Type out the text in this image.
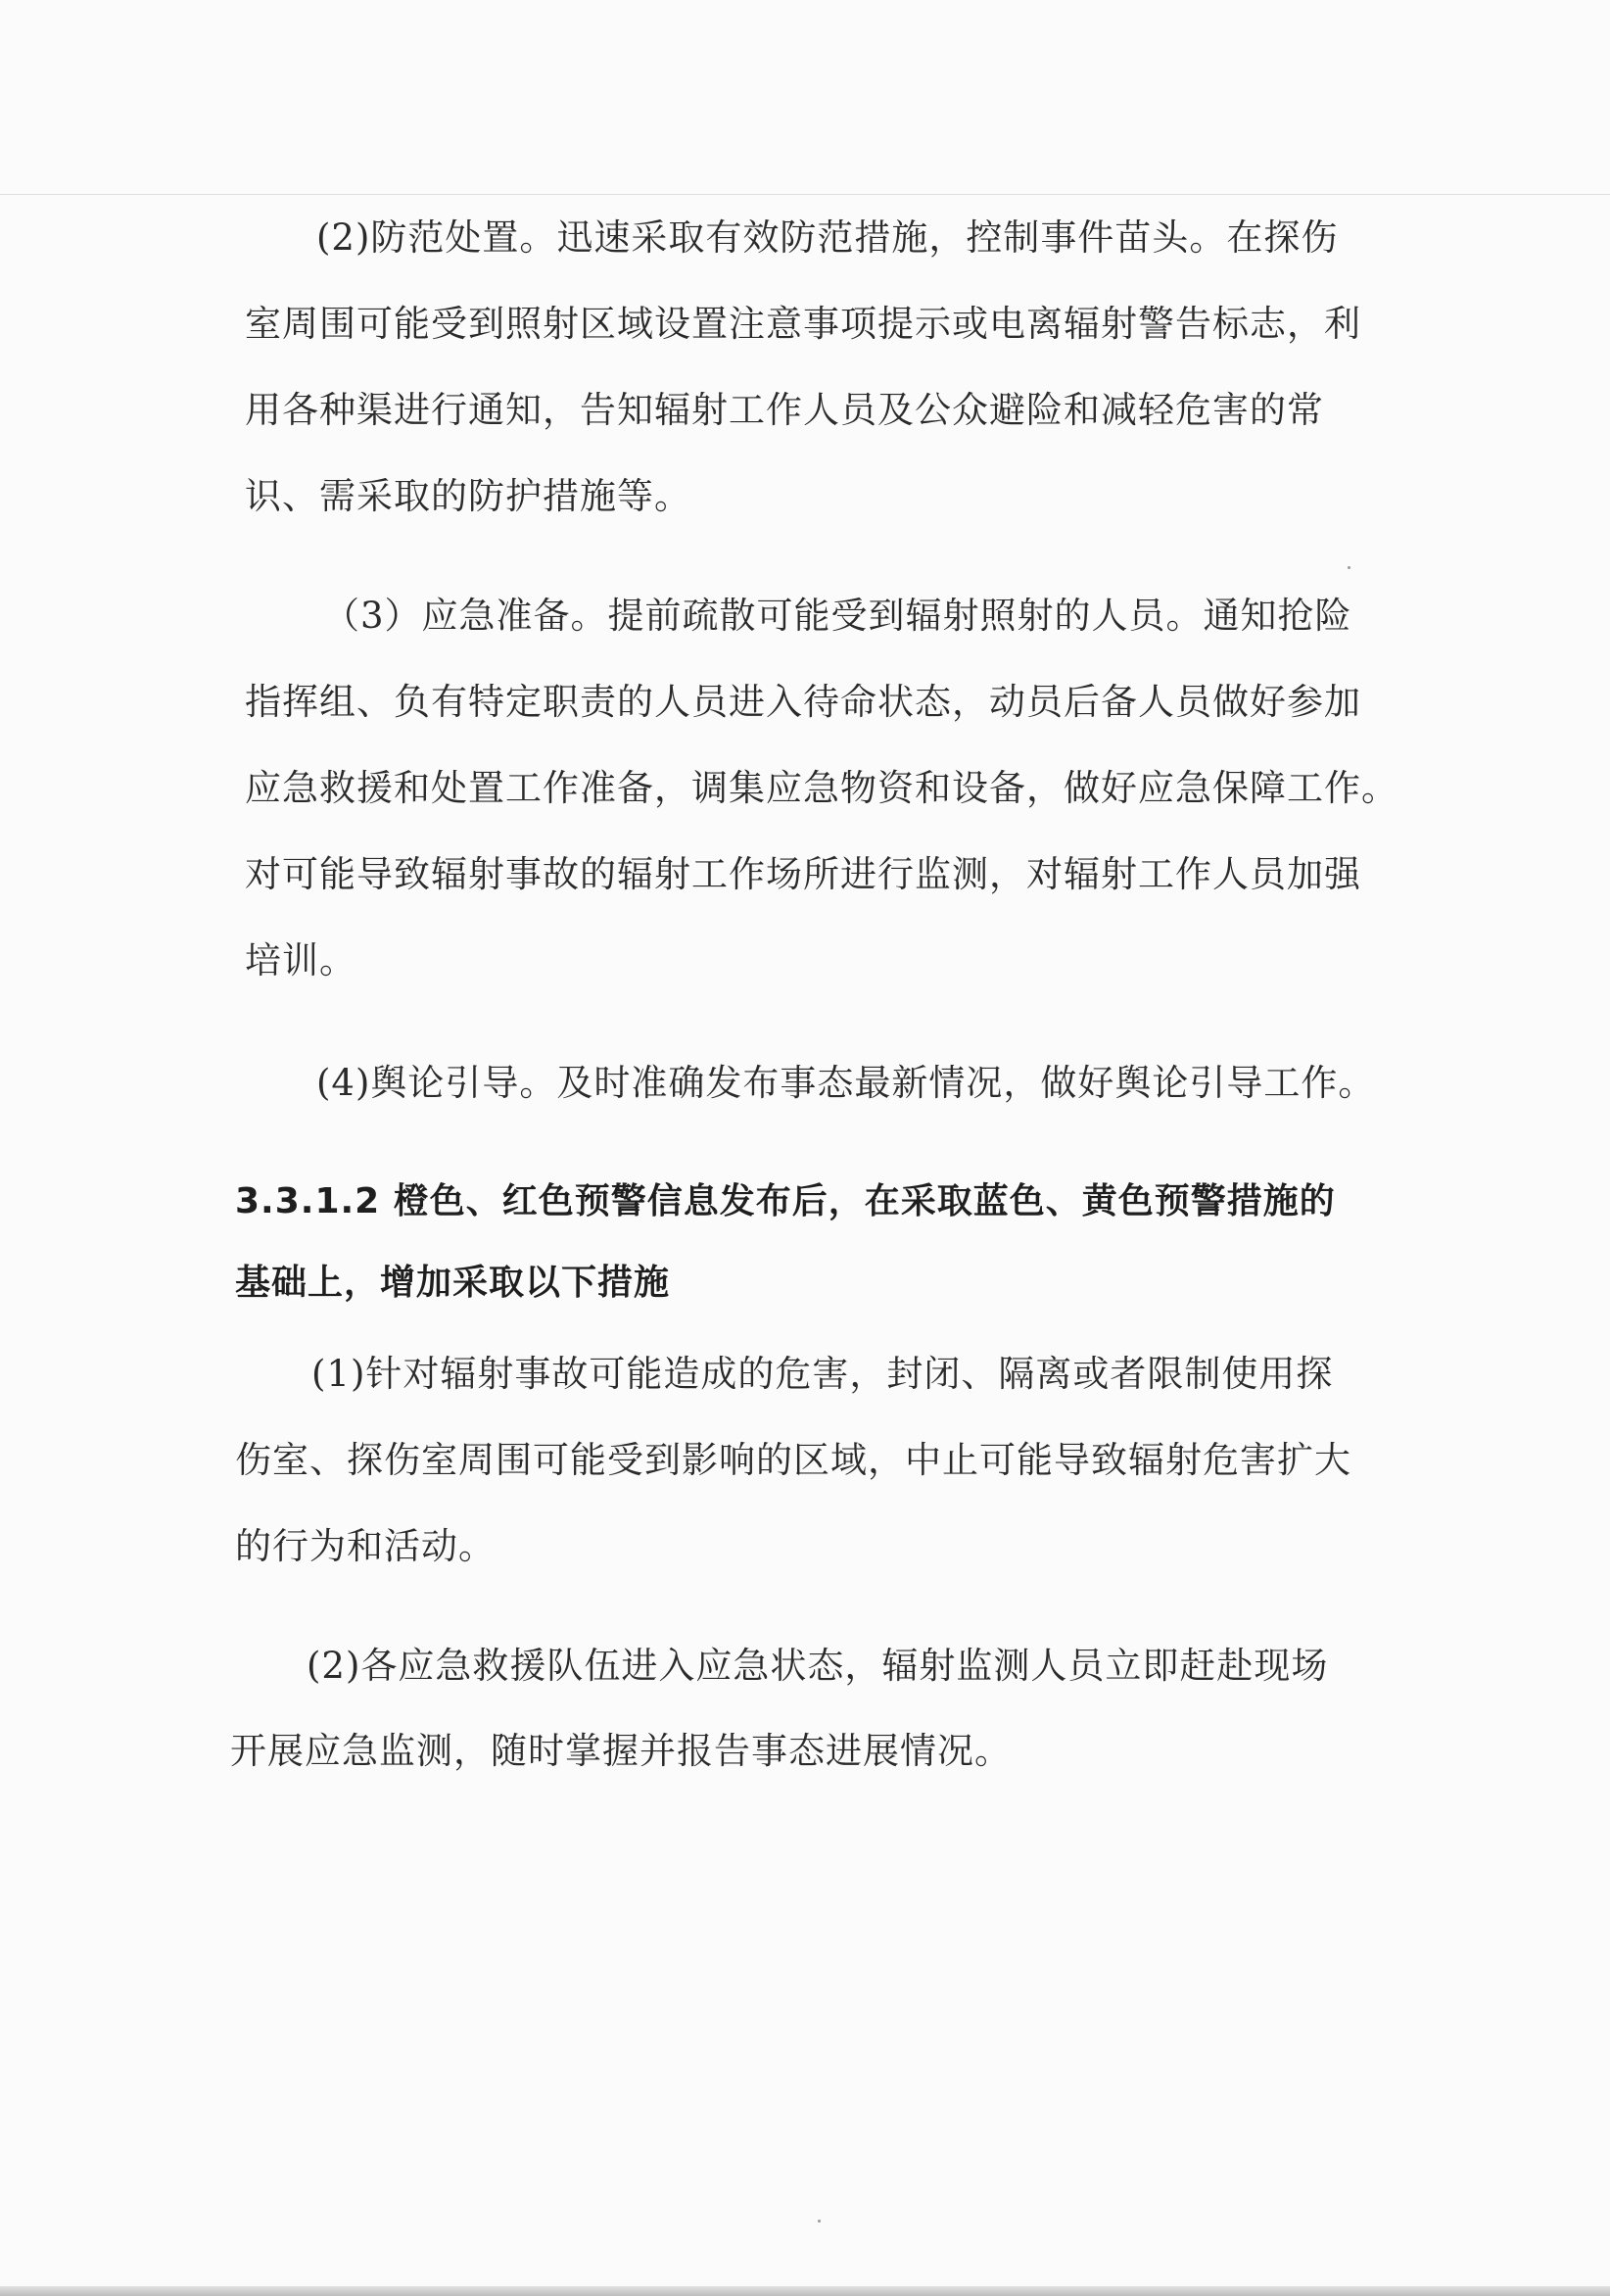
(2)防范处置。迅速采取有效防范措施，控制事件苗头。在探伤
室周围可能受到照射区域设置注意事项提示或电离辐射警告标志，利
用各种渠进行通知，告知辐射工作人员及公众避险和减轻危害的常
识、需采取的防护措施等。
（3）应急准备。提前疏散可能受到辐射照射的人员。通知抢险
指挥组、负有特定职责的人员进入待命状态，动员后备人员做好参加
应急救援和处置工作准备，调集应急物资和设备，做好应急保障工作。
对可能导致辐射事故的辐射工作场所进行监测，对辐射工作人员加强
培训。
(4)舆论引导。及时准确发布事态最新情况，做好舆论引导工作。
3.3.1.2 橙色、红色预警信息发布后，在采取蓝色、黄色预警措施的
基础上，增加采取以下措施
(1)针对辐射事故可能造成的危害，封闭、隔离或者限制使用探
伤室、探伤室周围可能受到影响的区域，中止可能导致辐射危害扩大
的行为和活动。
(2)各应急救援队伍进入应急状态，辐射监测人员立即赶赴现场
开展应急监测，随时掌握并报告事态进展情况。
